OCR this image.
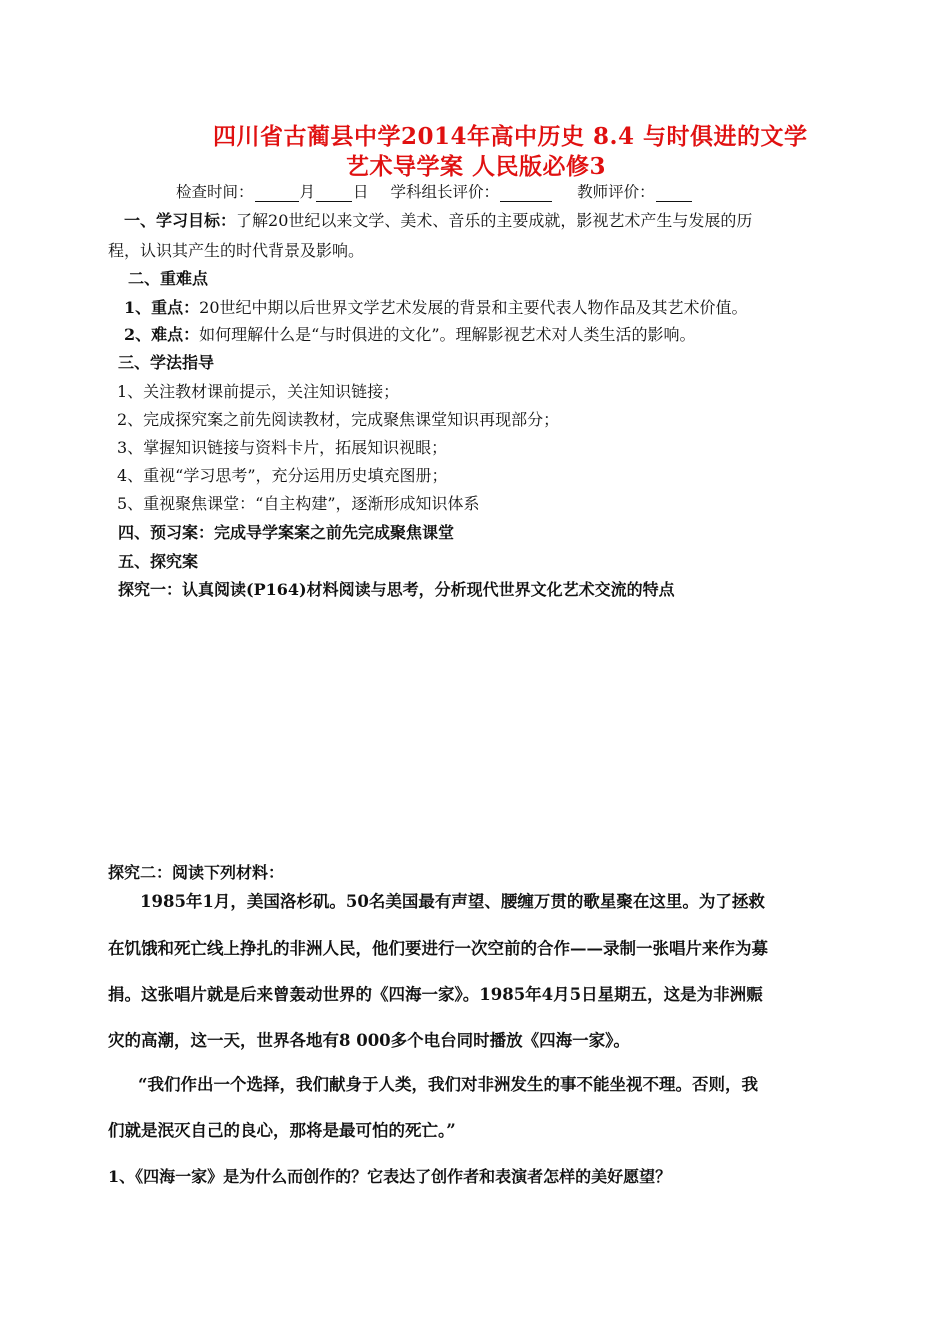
四川省古蔺县中学2014年高中历史 8.4 与时俱进的文学
艺术导学案 人民版必修3
检查时间：	月 日 学科组长评价：	教师评价：
一、学习目标：了解20世纪以来文学、美术、音乐的主要成就，影视艺术产生与发展的历
程，认识其产生的时代背景及影响。
二、重难点
1、重点：20世纪中期以后世界文学艺术发展的背景和主要代表人物作品及其艺术价值。
2、难点：如何理解什么是“与时俱进的文化”。理解影视艺术对人类生活的影响。
三、学法指导
1、关注教材课前提示，关注知识链接；
2、完成探究案之前先阅读教材，完成聚焦课堂知识再现部分；
3、掌握知识链接与资料卡片，拓展知识视眼；
4、重视“学习思考”，充分运用历史填充图册；
5、重视聚焦课堂：“自主构建”，逐渐形成知识体系
四、预习案：完成导学案案之前先完成聚焦课堂
五、探究案
探究一：认真阅读(P164)材料阅读与思考，分析现代世界文化艺术交流的特点
探究二：阅读下列材料：
1985年1月，美国洛杉矶。50名美国最有声望、腰缠万贯的歌星聚在这里。为了拯救
在饥饿和死亡线上挣扎的非洲人民，他们要进行一次空前的合作——录制一张唱片来作为募
捐。这张唱片就是后来曾轰动世界的《四海一家》。1985年4月5日星期五，这是为非洲赈
灾的高潮，这一天，世界各地有8 000多个电台同时播放《四海一家》。
“我们作出一个选择，我们献身于人类，我们对非洲发生的事不能坐视不理。否则，我
们就是泯灭自己的良心，那将是最可怕的死亡。”
1、《四海一家》是为什么而创作的？它表达了创作者和表演者怎样的美好愿望？
